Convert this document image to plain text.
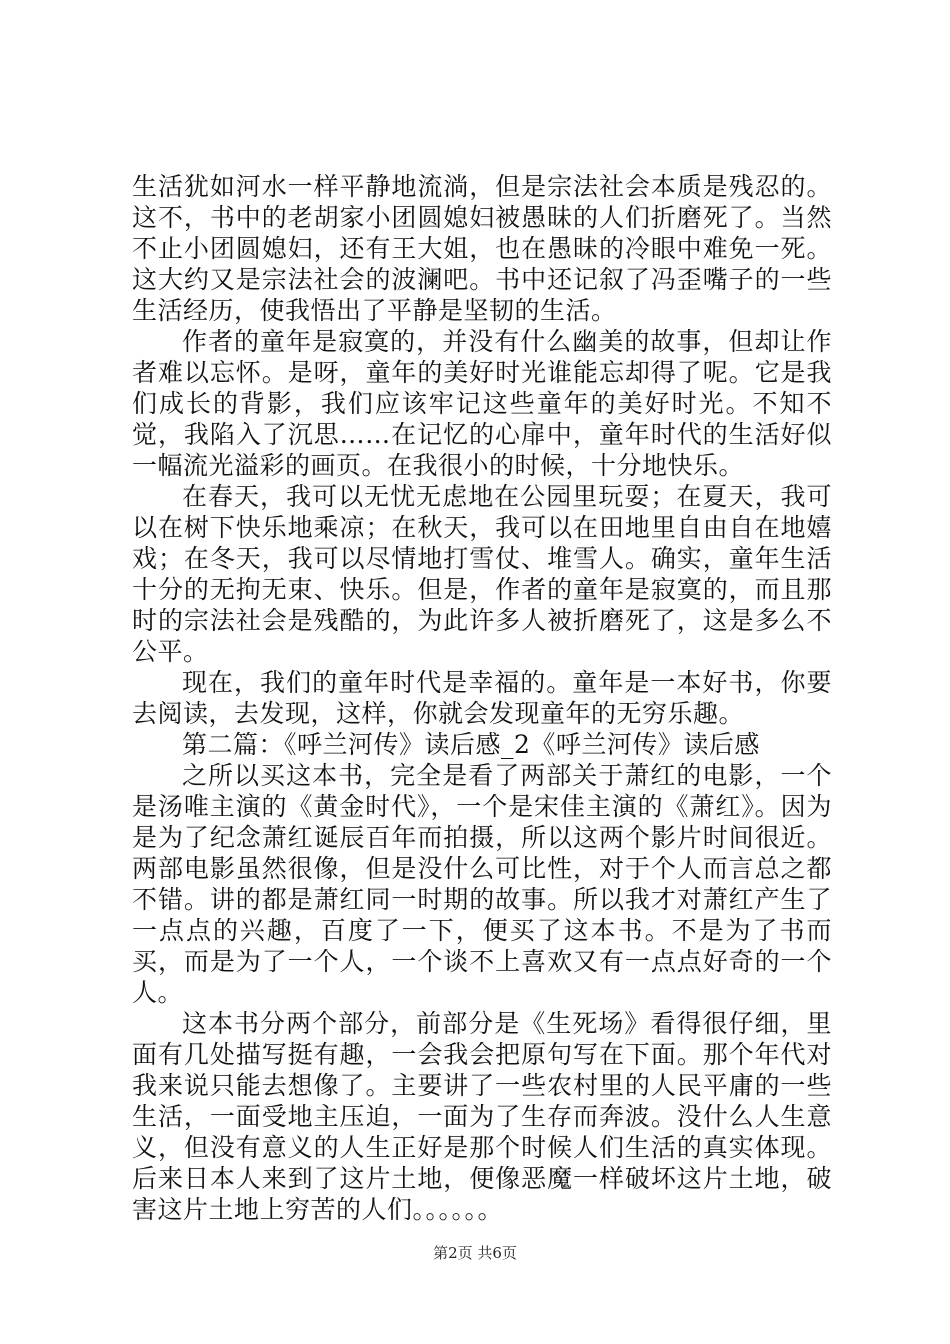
生活犹如河水一样平静地流淌，但是宗法社会本质是残忍的。这不，书中的老胡家小团圆媳妇被愚昧的人们折磨死了。当然不止小团圆媳妇，还有王大姐，也在愚昧的冷眼中难免一死。这大约又是宗法社会的波澜吧。书中还记叙了冯歪嘴子的一些生活经历，使我悟出了平静是坚韧的生活。

作者的童年是寂寞的，并没有什么幽美的故事，但却让作者难以忘怀。是呀，童年的美好时光谁能忘却得了呢。它是我们成长的背影，我们应该牢记这些童年的美好时光。不知不觉，我陷入了沉思……在记忆的心扉中，童年时代的生活好似一幅流光溢彩的画页。在我很小的时候，十分地快乐。

在春天，我可以无忧无虑地在公园里玩耍；在夏天，我可以在树下快乐地乘凉；在秋天，我可以在田地里自由自在地嬉戏；在冬天，我可以尽情地打雪仗、堆雪人。确实，童年生活十分的无拘无束、快乐。但是，作者的童年是寂寞的，而且那时的宗法社会是残酷的，为此许多人被折磨死了，这是多么不公平。

现在，我们的童年时代是幸福的。童年是一本好书，你要去阅读，去发现，这样，你就会发现童年的无穷乐趣。

第二篇：《呼兰河传》读后感_2《呼兰河传》读后感

之所以买这本书，完全是看了两部关于萧红的电影，一个是汤唯主演的《黄金时代》，一个是宋佳主演的《萧红》。因为是为了纪念萧红诞辰百年而拍摄，所以这两个影片时间很近。两部电影虽然很像，但是没什么可比性，对于个人而言总之都不错。讲的都是萧红同一时期的故事。所以我才对萧红产生了一点点的兴趣，百度了一下，便买了这本书。不是为了书而买，而是为了一个人，一个谈不上喜欢又有一点点好奇的一个人。

这本书分两个部分，前部分是《生死场》看得很仔细，里面有几处描写挺有趣，一会我会把原句写在下面。那个年代对我来说只能去想像了。主要讲了一些农村里的人民平庸的一些生活，一面受地主压迫，一面为了生存而奔波。没什么人生意义，但没有意义的人生正好是那个时候人们生活的真实体现。后来日本人来到了这片土地，便像恶魔一样破坏这片土地，破害这片土地上穷苦的人们。。。。。。

第2页 共6页
